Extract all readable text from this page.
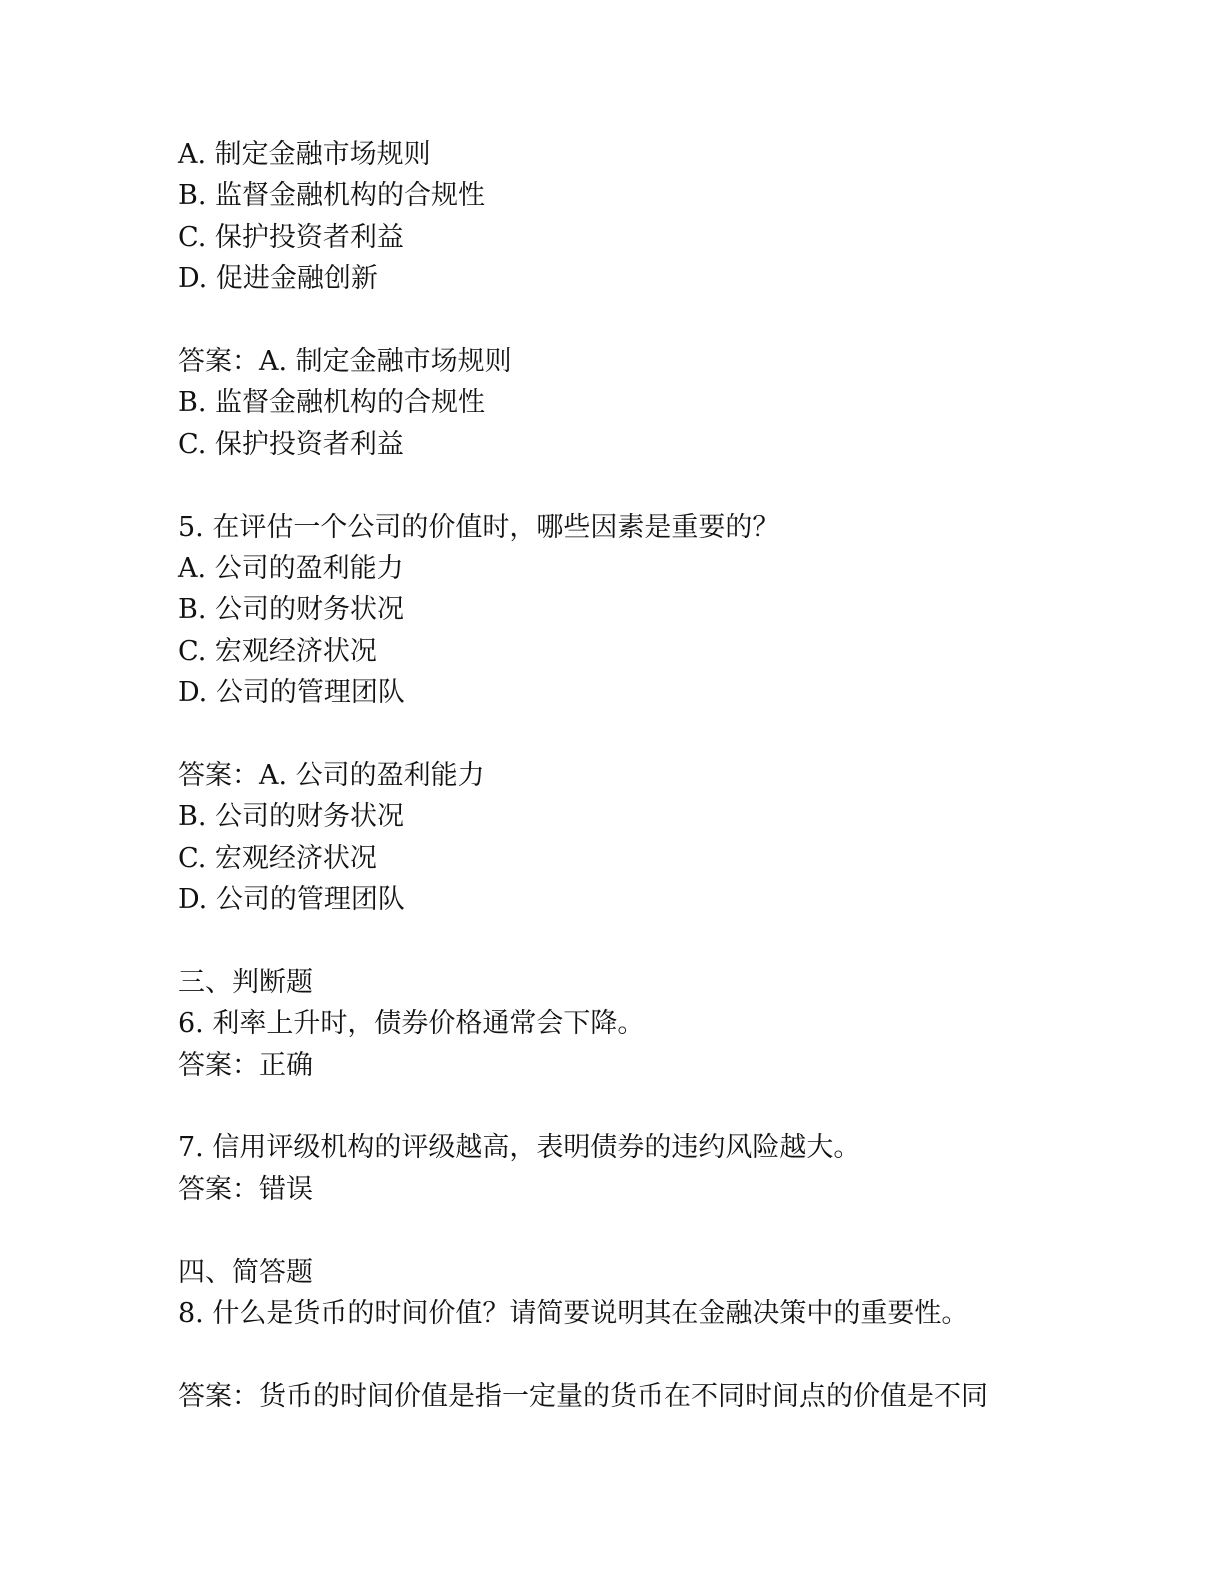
A. 制定金融市场规则
B. 监督金融机构的合规性
C. 保护投资者利益
D. 促进金融创新
答案：A. 制定金融市场规则
B. 监督金融机构的合规性
C. 保护投资者利益
5. 在评估一个公司的价值时，哪些因素是重要的？
A. 公司的盈利能力
B. 公司的财务状况
C. 宏观经济状况
D. 公司的管理团队
答案：A. 公司的盈利能力
B. 公司的财务状况
C. 宏观经济状况
D. 公司的管理团队
三、判断题
6. 利率上升时，债券价格通常会下降。
答案：正确
7. 信用评级机构的评级越高，表明债券的违约风险越大。
答案：错误
四、简答题
8. 什么是货币的时间价值？请简要说明其在金融决策中的重要性。
答案：货币的时间价值是指一定量的货币在不同时间点的价值是不同
